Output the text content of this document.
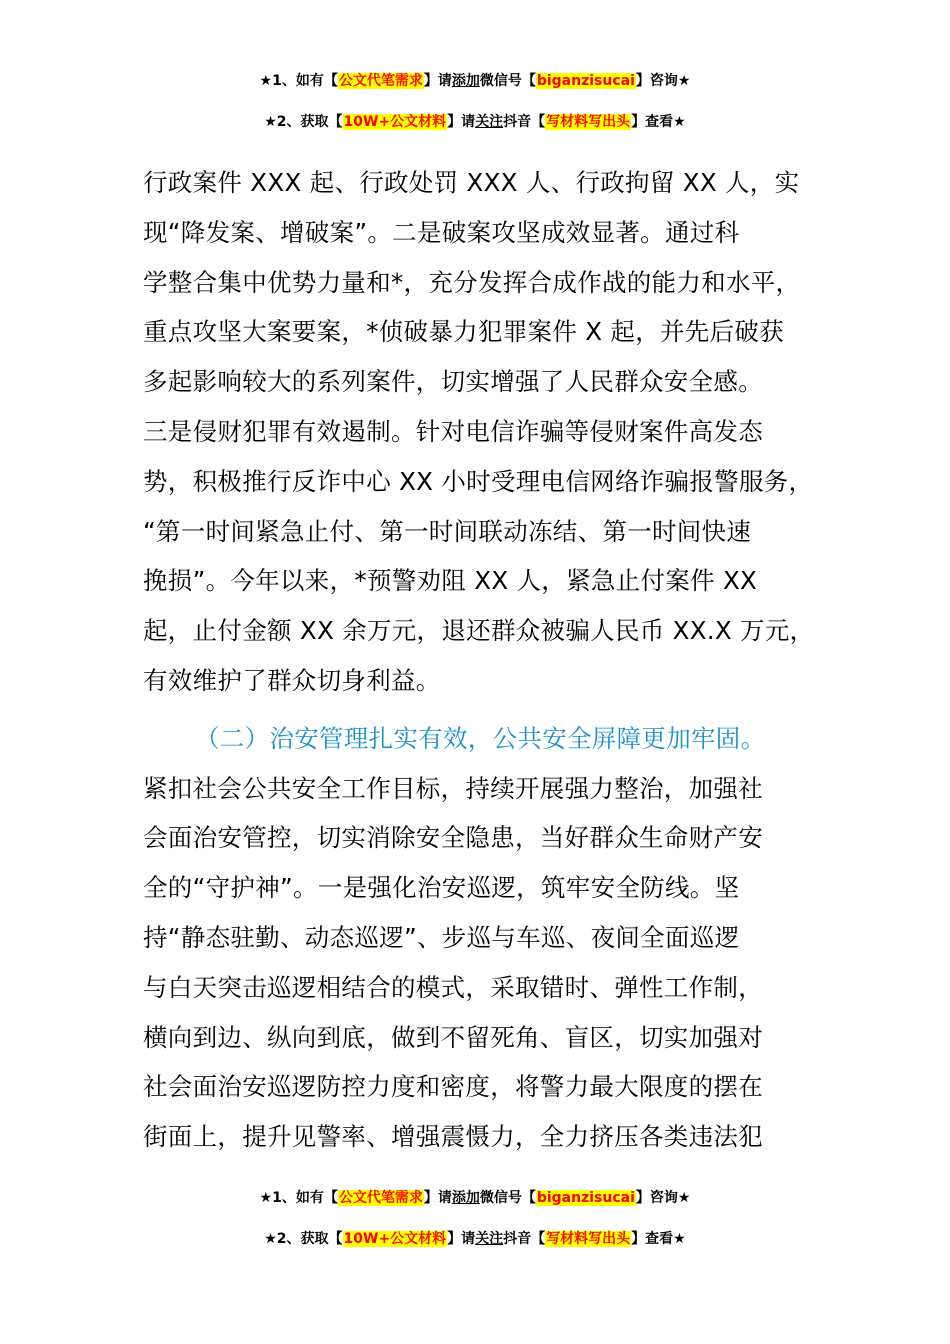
★1、如有【公文代笔需求】请添加微信号【biganzisucai】咨询★
★2、获取【10W+公文材料】请关注抖音【写材料写出头】查看★

行政案件 XXX 起、行政处罚 XXX 人、行政拘留 XX 人，实

现“降发案、增破案”。二是破案攻坚成效显著。通过科

学整合集中优势力量和*，充分发挥合成作战的能力和水平，

重点攻坚大案要案，*侦破暴力犯罪案件 X 起，并先后破获

多起影响较大的系列案件，切实增强了人民群众安全感。

三是侵财犯罪有效遏制。针对电信诈骗等侵财案件高发态

势，积极推行反诈中心 XX 小时受理电信网络诈骗报警服务，

“第一时间紧急止付、第一时间联动冻结、第一时间快速

挽损”。今年以来，*预警劝阻 XX 人，紧急止付案件 XX

起，止付金额 XX 余万元，退还群众被骗人民币 XX.X 万元，

有效维护了群众切身利益。

（二）治安管理扎实有效，公共安全屏障更加牢固。

紧扣社会公共安全工作目标，持续开展强力整治，加强社

会面治安管控，切实消除安全隐患，当好群众生命财产安

全的“守护神”。一是强化治安巡逻，筑牢安全防线。坚

持“静态驻勤、动态巡逻”、步巡与车巡、夜间全面巡逻

与白天突击巡逻相结合的模式，采取错时、弹性工作制，

横向到边、纵向到底，做到不留死角、盲区，切实加强对

社会面治安巡逻防控力度和密度，将警力最大限度的摆在

街面上，提升见警率、增强震慑力，全力挤压各类违法犯

★1、如有【公文代笔需求】请添加微信号【biganzisucai】咨询★
★2、获取【10W+公文材料】请关注抖音【写材料写出头】查看★
